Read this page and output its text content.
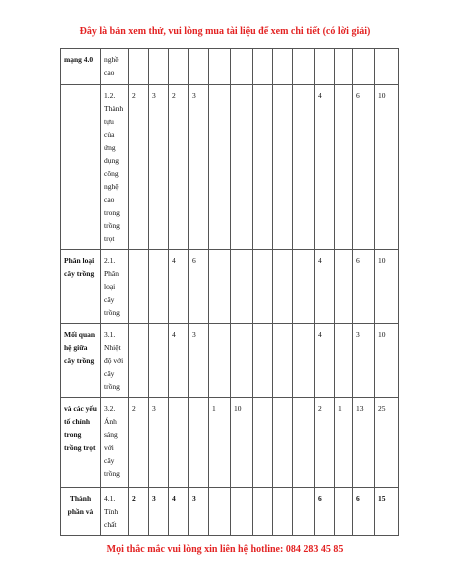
Đây là bản xem thử, vui lòng mua tài liệu để xem chi tiết (có lời giải)
mạng 4.0	nghề cao													
	1.2. Thành tựu của ứng dụng công nghệ cao trong trồng trọt	2	3	2	3						4		6	10
Phân loại cây trồng	2.1. Phân loại cây trồng			4	6						4		6	10
Mối quan hệ giữa cây trồng	3.1. Nhiệt độ với cây trồng			4	3						4		3	10
và các yếu tố chính trong trồng trọt	3.2. Ánh sáng với cây trồng	2	3			1	10				2	1	13	25
Thành phần và	4.1. Tính chất	2	3	4	3						6		6	15
Mọi thắc mắc vui lòng xin liên hệ hotline: 084 283 45 85
